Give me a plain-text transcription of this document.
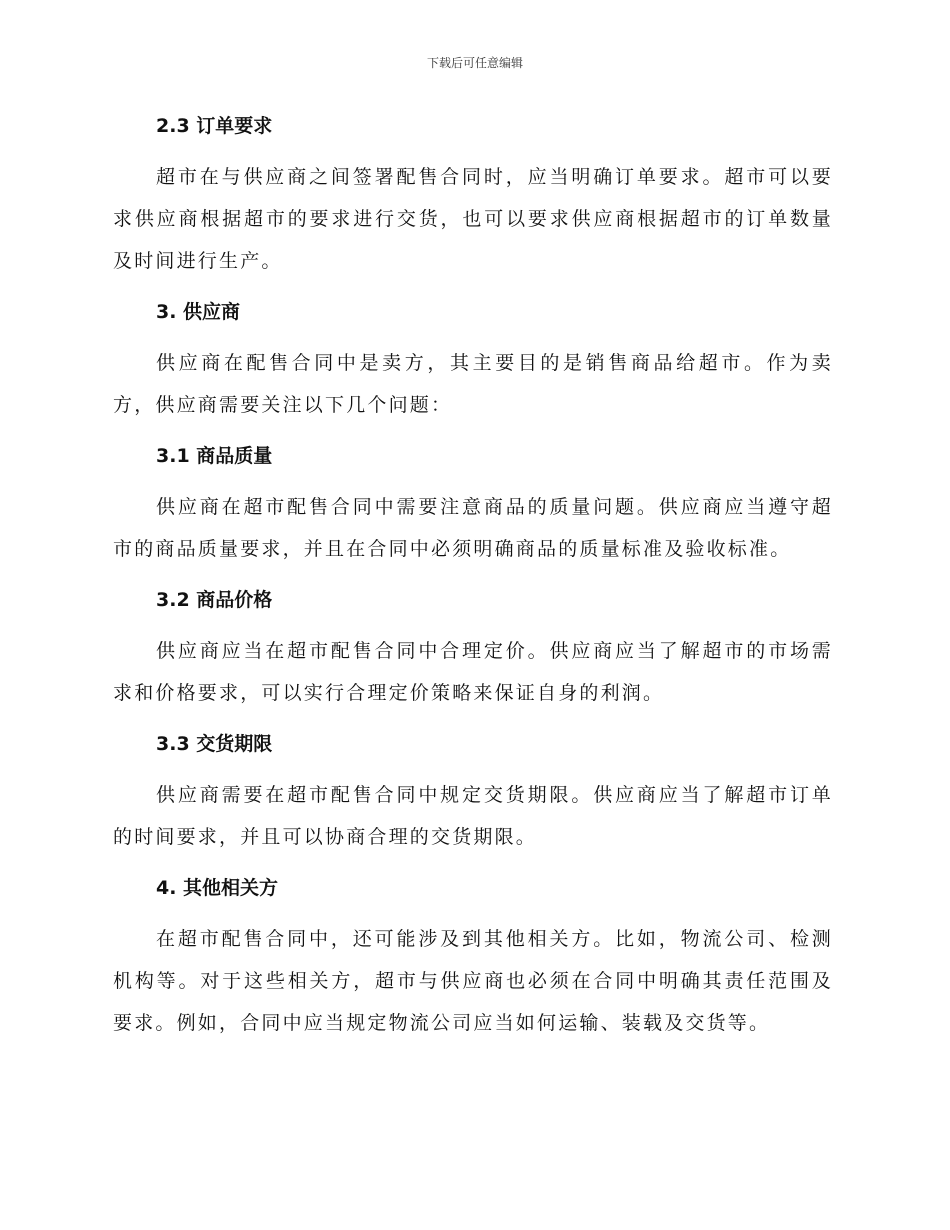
下载后可任意编辑
2.3 订单要求
超市在与供应商之间签署配售合同时，应当明确订单要求。超市可以要求供应商根据超市的要求进行交货，也可以要求供应商根据超市的订单数量及时间进行生产。
3. 供应商
供应商在配售合同中是卖方，其主要目的是销售商品给超市。作为卖方，供应商需要关注以下几个问题：
3.1 商品质量
供应商在超市配售合同中需要注意商品的质量问题。供应商应当遵守超市的商品质量要求，并且在合同中必须明确商品的质量标准及验收标准。
3.2 商品价格
供应商应当在超市配售合同中合理定价。供应商应当了解超市的市场需求和价格要求，可以实行合理定价策略来保证自身的利润。
3.3 交货期限
供应商需要在超市配售合同中规定交货期限。供应商应当了解超市订单的时间要求，并且可以协商合理的交货期限。
4. 其他相关方
在超市配售合同中，还可能涉及到其他相关方。比如，物流公司、检测机构等。对于这些相关方，超市与供应商也必须在合同中明确其责任范围及要求。例如，合同中应当规定物流公司应当如何运输、装载及交货等。
